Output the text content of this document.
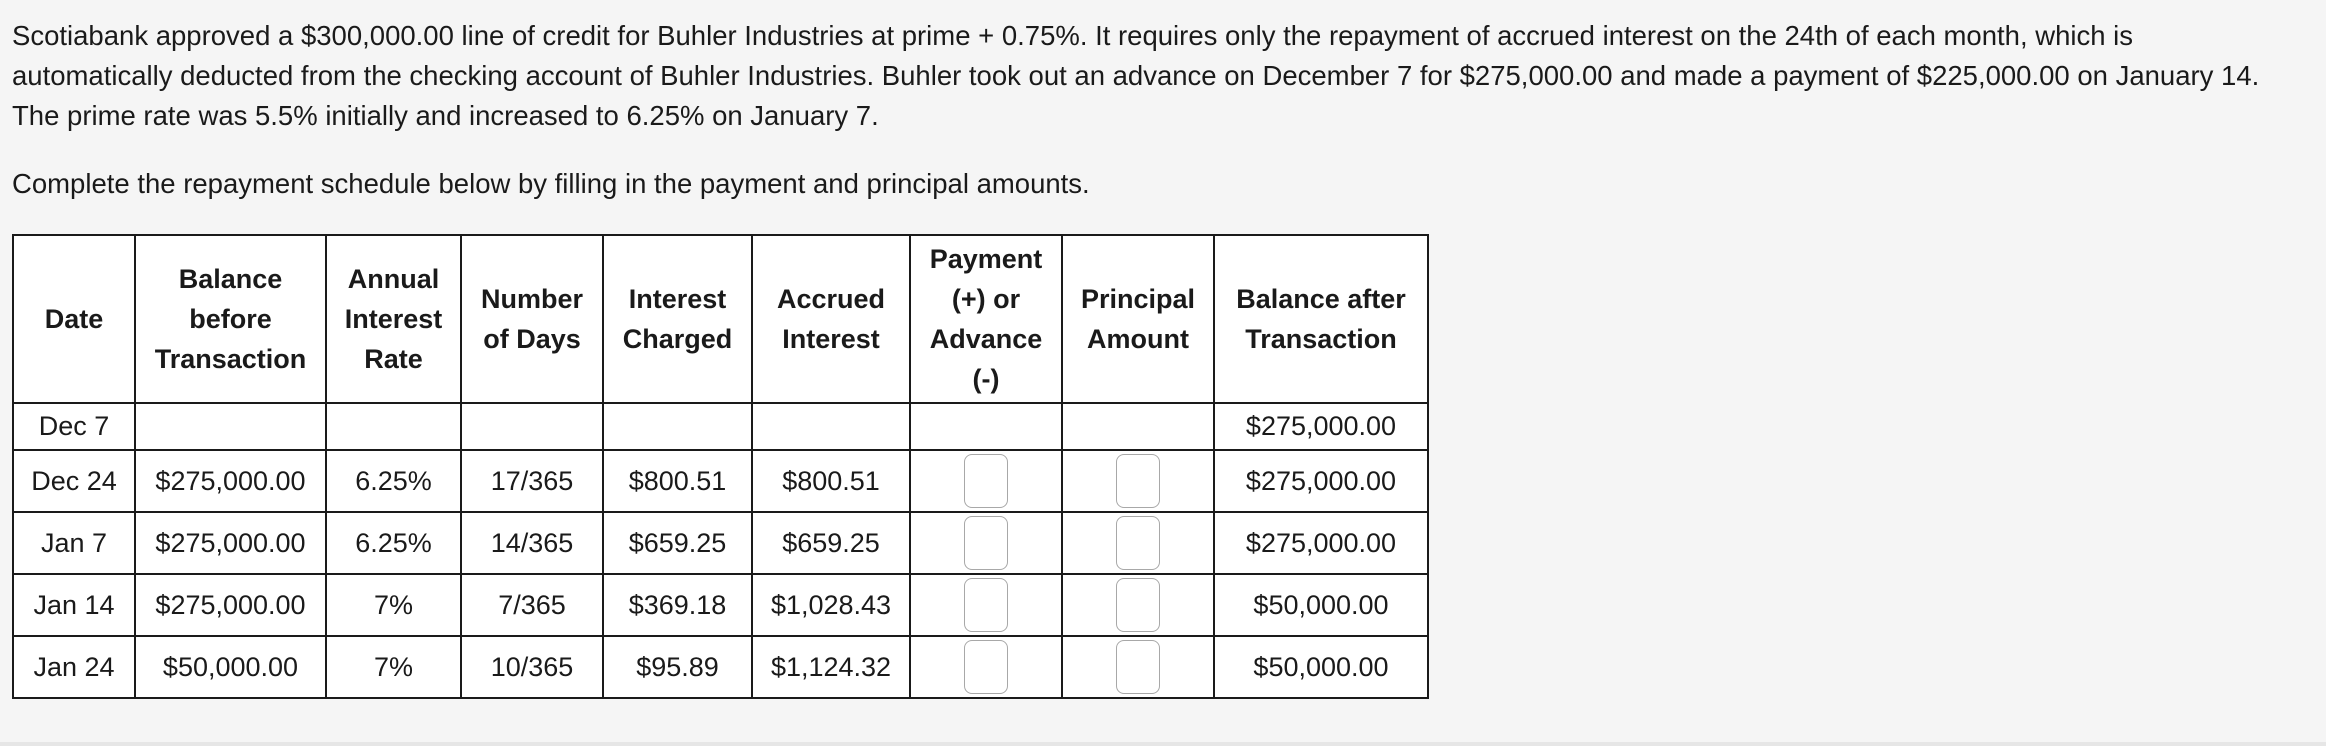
Scotiabank approved a $300,000.00 line of credit for Buhler Industries at prime + 0.75%. It requires only the repayment of accrued interest on the 24th of each month, which is
automatically deducted from the checking account of Buhler Industries. Buhler took out an advance on December 7 for $275,000.00 and made a payment of $225,000.00 on January 14.
The prime rate was 5.5% initially and increased to 6.25% on January 7.

Complete the repayment schedule below by filling in the payment and principal amounts.

Date	Balance
before
Transaction	Annual
Interest
Rate	Number
of Days	Interest
Charged	Accrued
Interest	Payment
(+) or
Advance
(-)	Principal
Amount	Balance after
Transaction
Dec 7								$275,000.00
Dec 24	$275,000.00	6.25%	17/365	$800.51	$800.51			$275,000.00
Jan 7	$275,000.00	6.25%	14/365	$659.25	$659.25			$275,000.00
Jan 14	$275,000.00	7%	7/365	$369.18	$1,028.43			$50,000.00
Jan 24	$50,000.00	7%	10/365	$95.89	$1,124.32			$50,000.00
